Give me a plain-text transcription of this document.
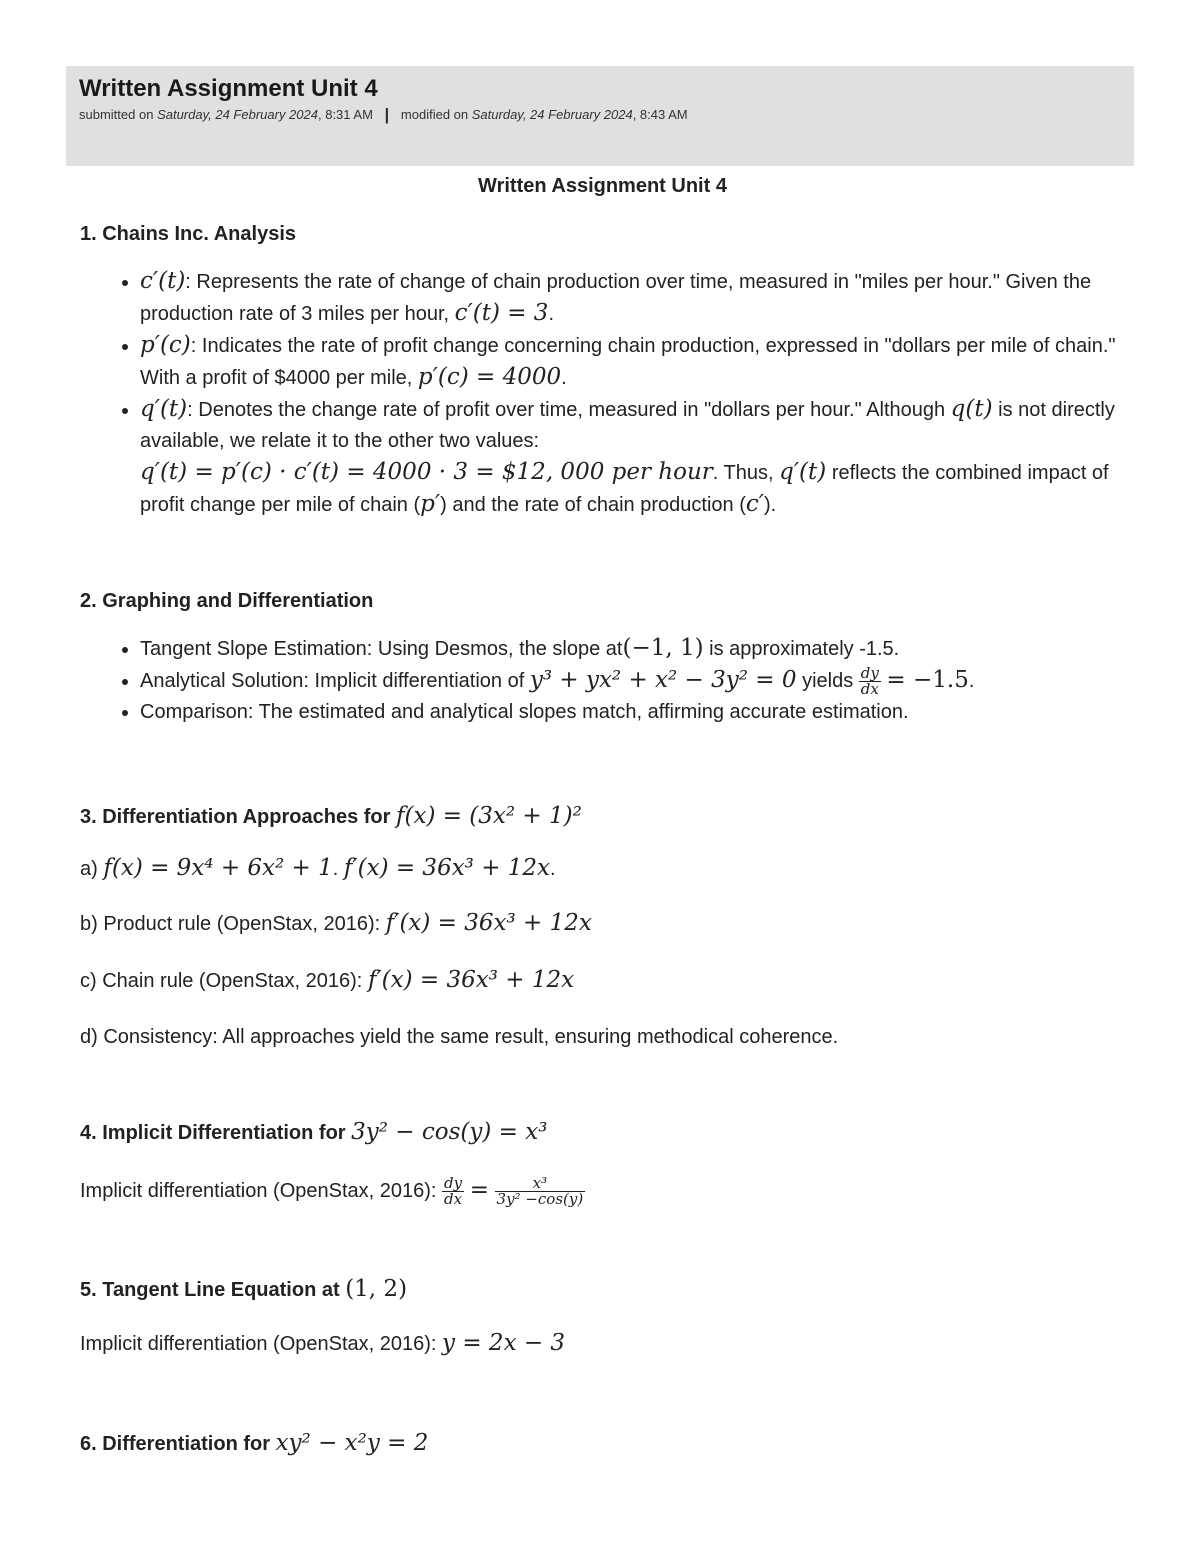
Written Assignment Unit 4
submitted on Saturday, 24 February 2024, 8:31 AM | modified on Saturday, 24 February 2024, 8:43 AM
Written Assignment Unit 4
1. Chains Inc. Analysis
• c′(t): Represents the rate of change of chain production over time, measured in "miles per hour." Given the production rate of 3 miles per hour, c′(t) = 3.
• p′(c): Indicates the rate of profit change concerning chain production, expressed in "dollars per mile of chain." With a profit of $4000 per mile, p′(c) = 4000.
• q′(t): Denotes the change rate of profit over time, measured in "dollars per hour." Although q(t) is not directly available, we relate it to the other two values:
q′(t) = p′(c) · c′(t) = 4000 · 3 = $12, 000 per hour. Thus, q′(t) reflects the combined impact of profit change per mile of chain (p′) and the rate of chain production (c′).
2. Graphing and Differentiation
• Tangent Slope Estimation: Using Desmos, the slope at(−1, 1) is approximately -1.5.
• Analytical Solution: Implicit differentiation of y³ + yx² + x² − 3y² = 0 yields $\frac{dy}{dx} = -1.5$.
• Comparison: The estimated and analytical slopes match, affirming accurate estimation.
3. Differentiation Approaches for f(x) = (3x² + 1)²

a) f(x) = 9x⁴ + 6x² + 1. f′(x) = 36x³ + 12x.

b) Product rule (OpenStax, 2016): f′(x) = 36x³ + 12x

c) Chain rule (OpenStax, 2016): f′(x) = 36x³ + 12x

d) Consistency: All approaches yield the same result, ensuring methodical coherence.

4. Implicit Differentiation for 3y² − cos(y) = x³

Implicit differentiation (OpenStax, 2016): $\frac{dy}{dx} = \frac{\text{x³}}{\text{3y² −cos(y)}}$

5. Tangent Line Equation at (1, 2)

Implicit differentiation (OpenStax, 2016): y = 2x − 3

6. Differentiation for xy² − x²y = 2
